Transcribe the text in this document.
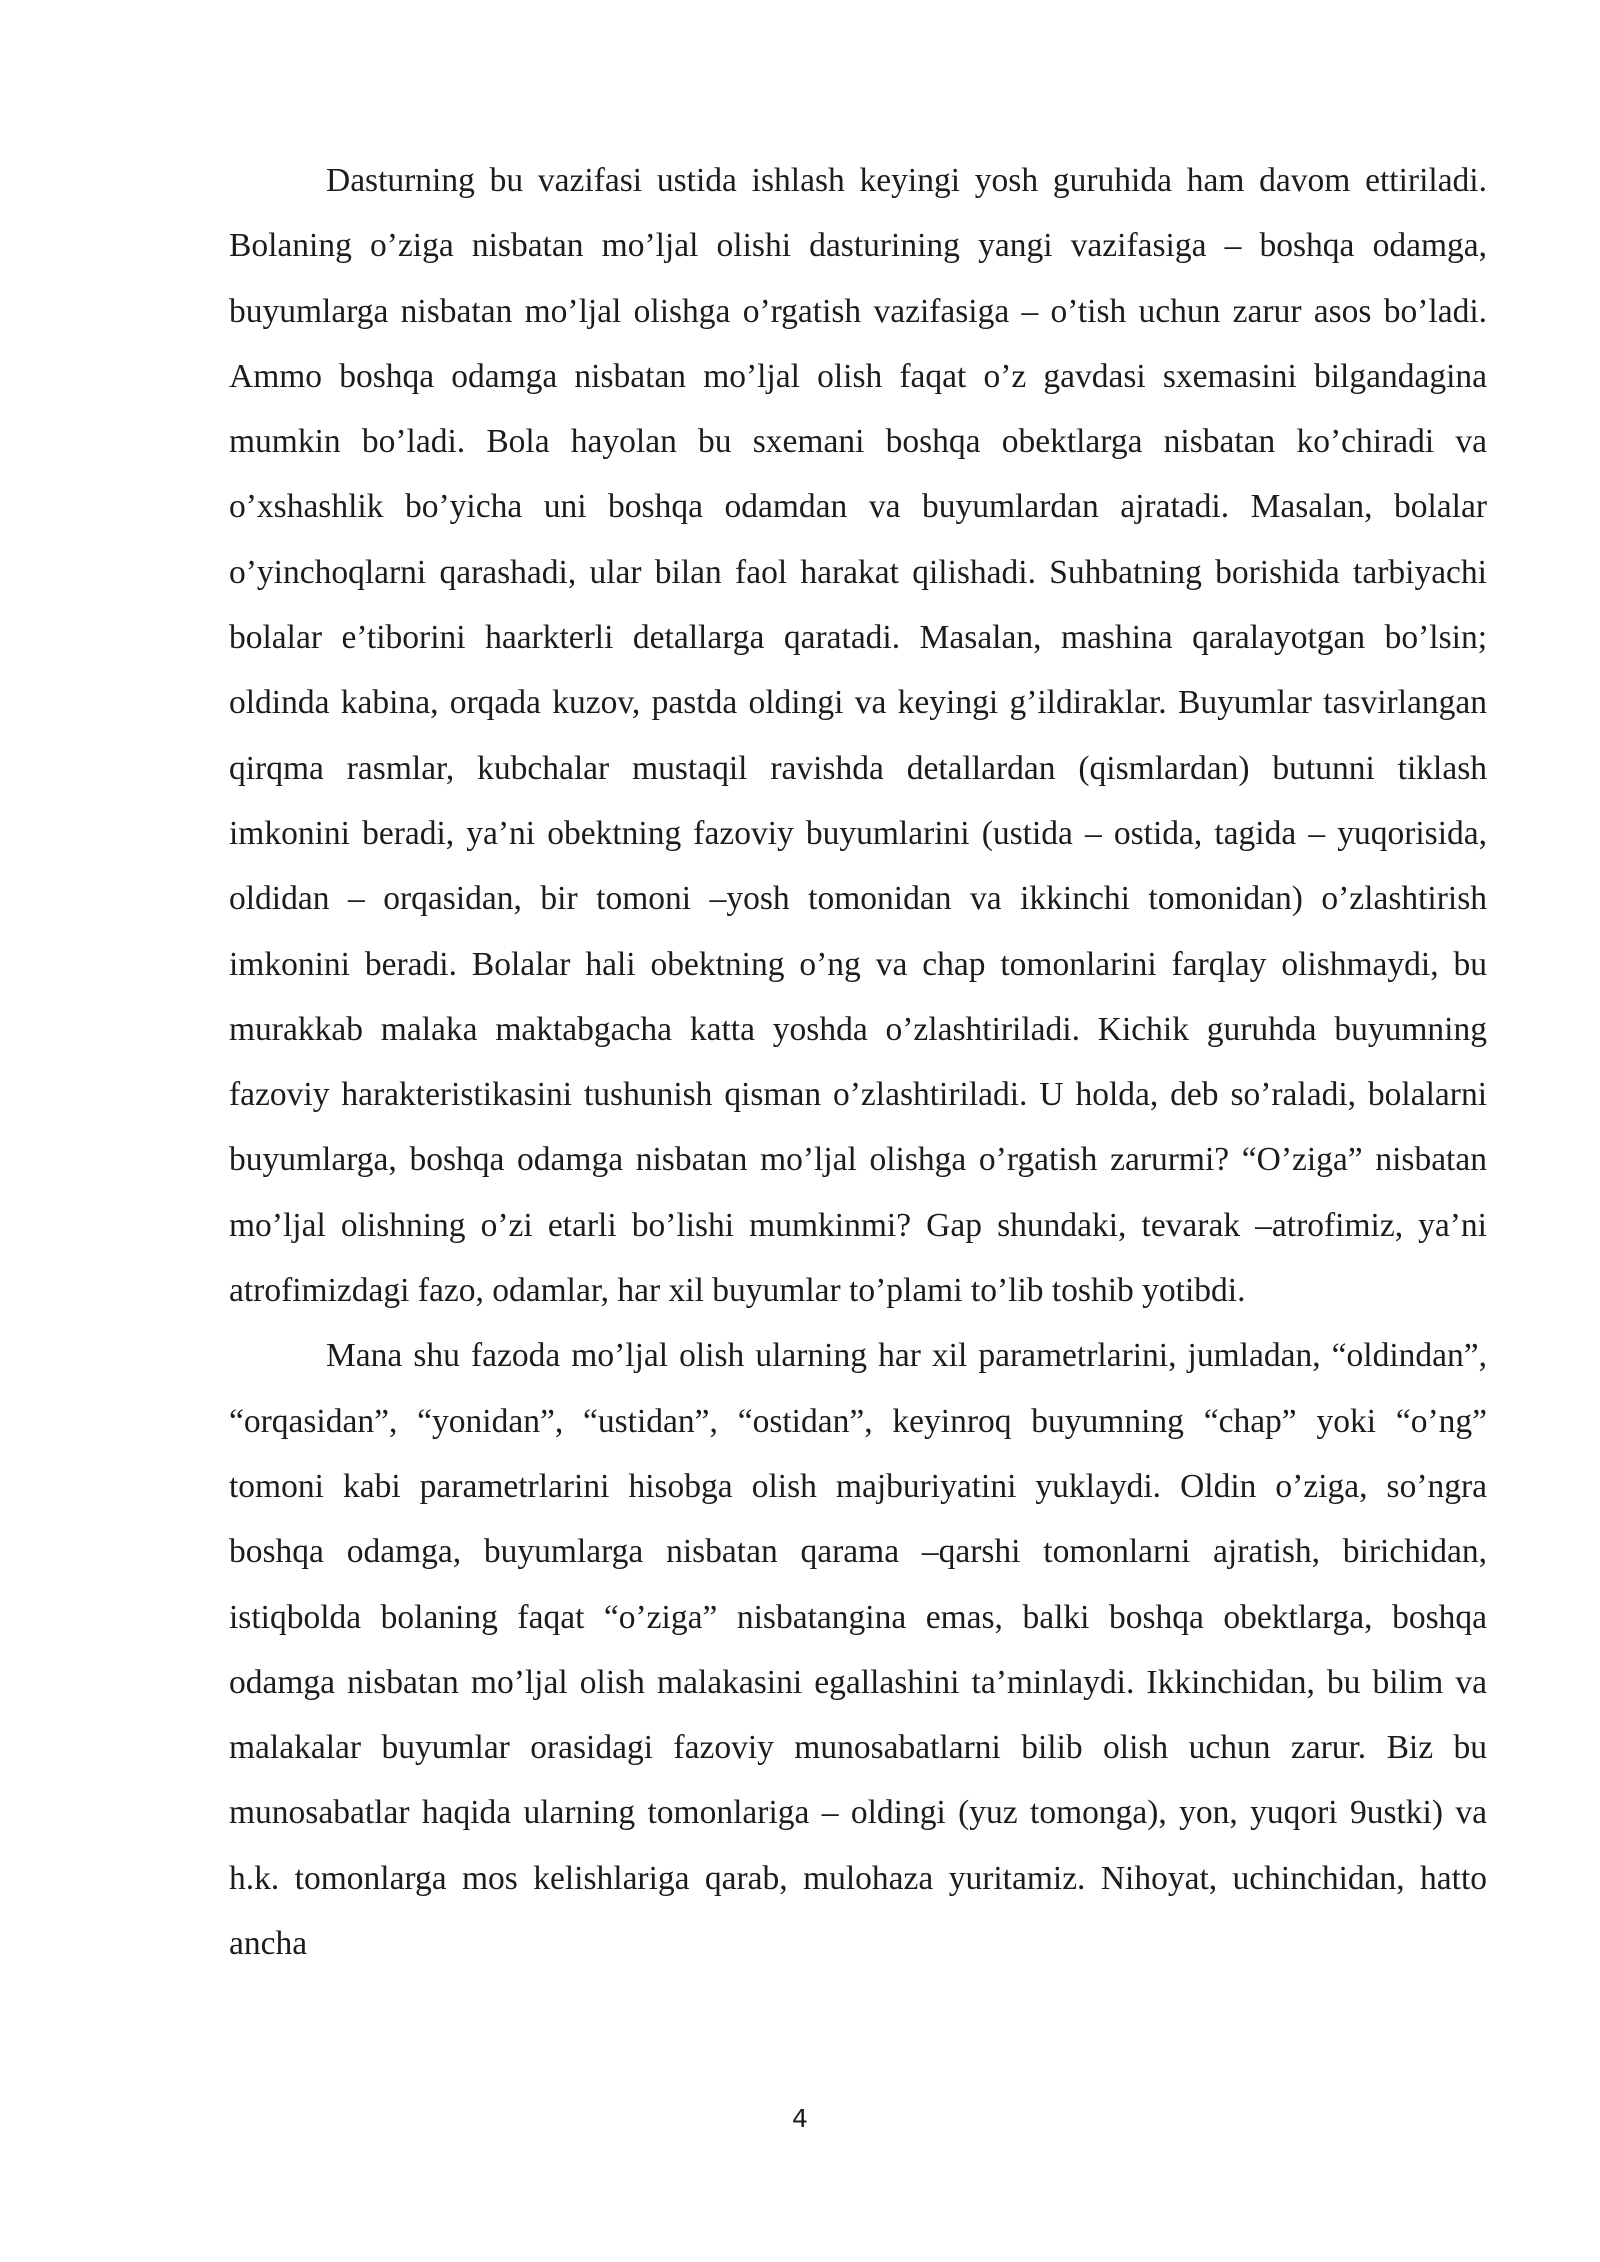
Dasturning bu vazifasi ustida ishlash keyingi yosh guruhida ham davom ettiriladi. Bolaning o’ziga nisbatan mo’ljal olishi dasturining yangi vazifasiga – boshqa odamga, buyumlarga nisbatan mo’ljal olishga o’rgatish vazifasiga – o’tish uchun zarur asos bo’ladi. Ammo boshqa odamga nisbatan mo’ljal olish faqat o’z gavdasi sxemasini bilgandagina mumkin bo’ladi. Bola hayolan bu sxemani boshqa obektlarga nisbatan ko’chiradi va o’xshashlik bo’yicha uni boshqa odamdan va buyumlardan ajratadi. Masalan, bolalar o’yinchoqlarni qarashadi, ular bilan faol harakat qilishadi. Suhbatning borishida tarbiyachi bolalar e’tiborini haarkterli detallarga qaratadi. Masalan, mashina qaralayotgan bo’lsin; oldinda kabina, orqada kuzov, pastda oldingi va keyingi g’ildiraklar. Buyumlar tasvirlangan qirqma rasmlar, kubchalar mustaqil ravishda detallardan (qismlardan) butunni tiklash imkonini beradi, ya’ni obektning fazoviy buyumlarini (ustida – ostida, tagida – yuqorisida, oldidan – orqasidan, bir tomoni –yosh tomonidan va ikkinchi tomonidan) o’zlashtirish imkonini beradi. Bolalar hali obektning o’ng va chap tomonlarini farqlay olishmaydi, bu murakkab malaka maktabgacha katta yoshda o’zlashtiriladi. Kichik guruhda buyumning fazoviy harakteristikasini tushunish qisman o’zlashtiriladi. U holda, deb so’raladi, bolalarni buyumlarga, boshqa odamga nisbatan mo’ljal olishga o’rgatish zarurmi? “O’ziga” nisbatan mo’ljal olishning o’zi etarli bo’lishi mumkinmi? Gap shundaki, tevarak –atrofimiz, ya’ni atrofimizdagi fazo, odamlar, har xil buyumlar to’plami to’lib toshib yotibdi.

Mana shu fazoda mo’ljal olish ularning har xil parametrlarini, jumladan, “oldindan”, “orqasidan”, “yonidan”, “ustidan”, “ostidan”, keyinroq buyumning “chap” yoki “o’ng” tomoni kabi parametrlarini hisobga olish majburiyatini yuklaydi. Oldin o’ziga, so’ngra boshqa odamga, buyumlarga nisbatan qarama –qarshi tomonlarni ajratish, birichidan, istiqbolda bolaning faqat “o’ziga” nisbatangina emas, balki boshqa obektlarga, boshqa odamga nisbatan mo’ljal olish malakasini egallashini ta’minlaydi. Ikkinchidan, bu bilim va malakalar buyumlar orasidagi fazoviy munosabatlarni bilib olish uchun zarur. Biz bu munosabatlar haqida ularning tomonlariga – oldingi (yuz tomonga), yon, yuqori 9ustki) va h.k. tomonlarga mos kelishlariga qarab, mulohaza yuritamiz. Nihoyat, uchinchidan, hatto ancha

4
